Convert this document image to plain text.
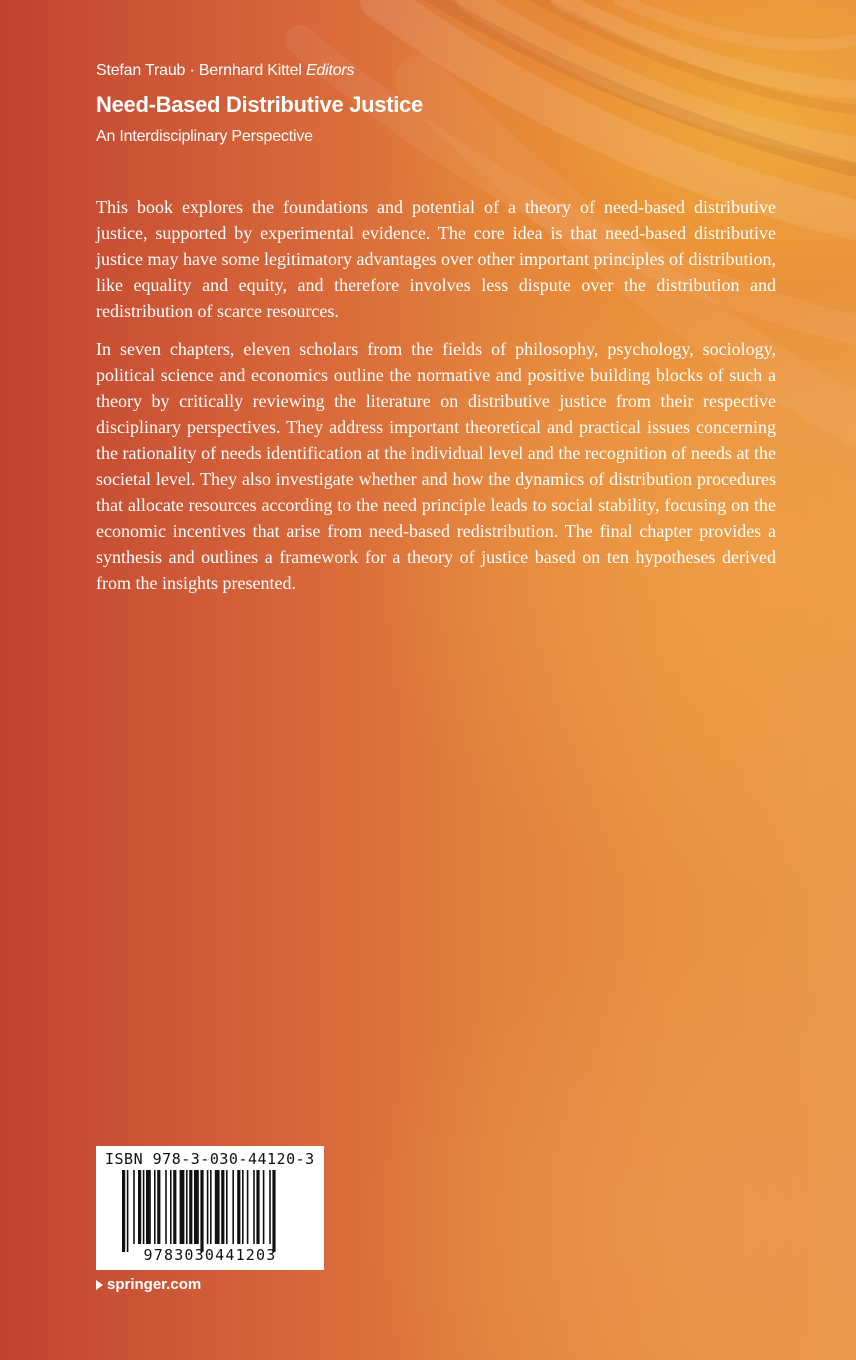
Stefan Traub · Bernhard Kittel Editors
Need-Based Distributive Justice
An Interdisciplinary Perspective

This book explores the foundations and potential of a theory of need-based distributive justice, supported by experimental evidence. The core idea is that need-based distributive justice may have some legitimatory advantages over other important principles of distribution, like equality and equity, and therefore involves less dispute over the distribution and redistribution of scarce resources.

In seven chapters, eleven scholars from the fields of philosophy, psychology, sociology, political science and economics outline the normative and positive building blocks of such a theory by critically reviewing the literature on distributive justice from their respective disciplinary perspectives. They address important theoretical and practical issues concerning the rationality of needs identification at the individual level and the recognition of needs at the societal level. They also investigate whether and how the dynamics of distribution procedures that allocate resources according to the need principle leads to social stability, focusing on the economic incentives that arise from need-based redistribution. The final chapter provides a synthesis and outlines a framework for a theory of justice based on ten hypotheses derived from the insights presented.

ISBN 978-3-030-44120-3
9783030441203
springer.com
